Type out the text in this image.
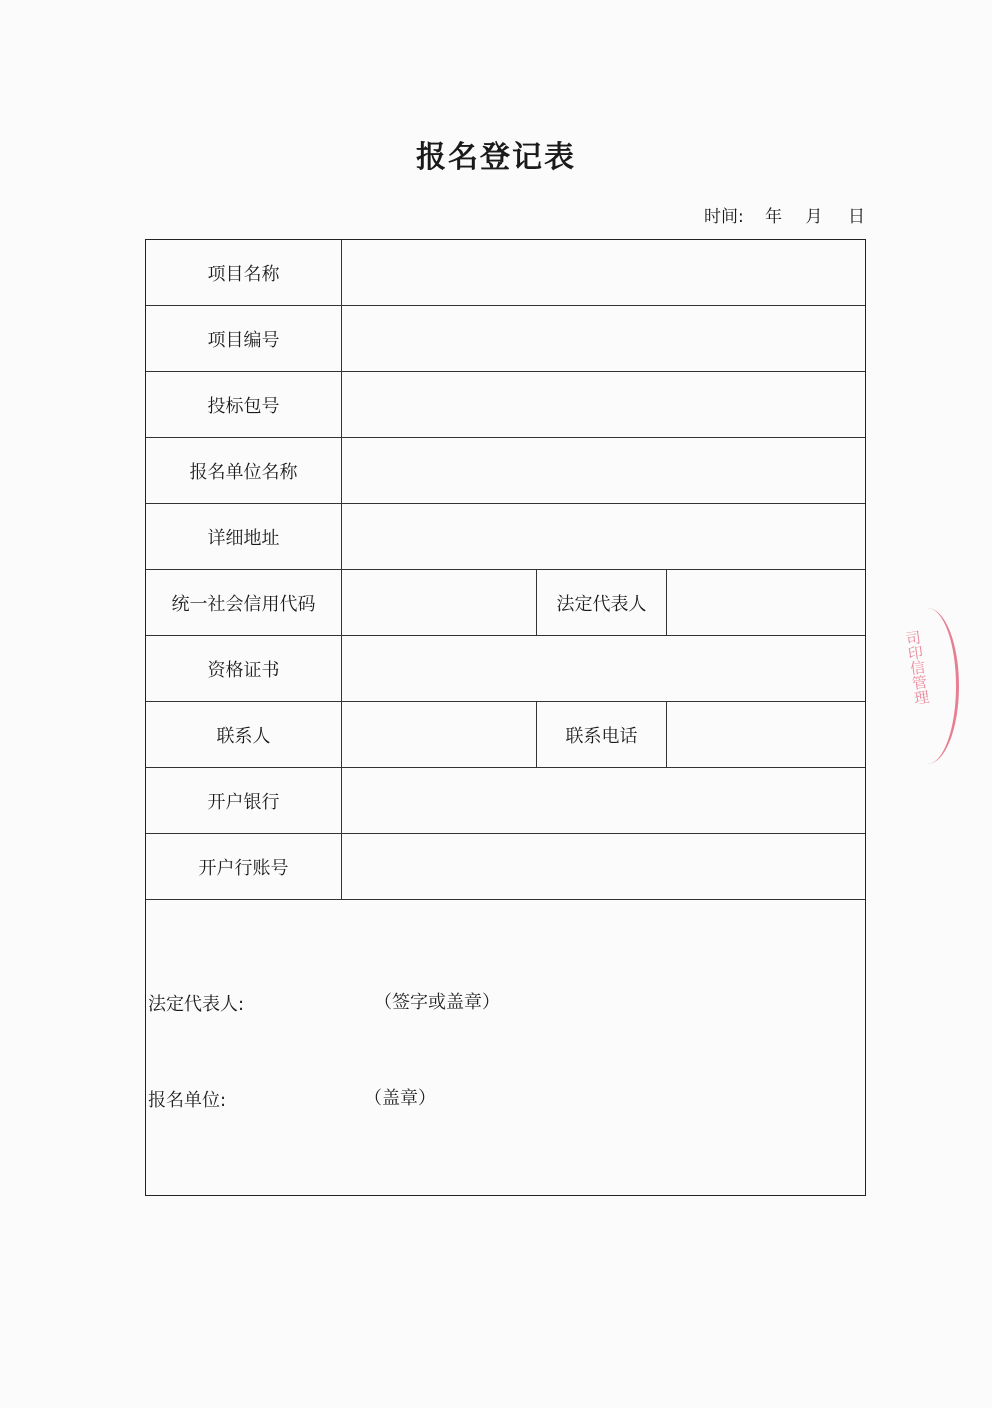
报名登记表
时间: 年 月 日
项目名称
项目编号
投标包号
报名单位名称
详细地址
统一社会信用代码	法定代表人
资格证书
联系人	联系电话
开户银行
开户行账号
法定代表人:	（签字或盖章）
报名单位:	（盖章）
司印信管理
